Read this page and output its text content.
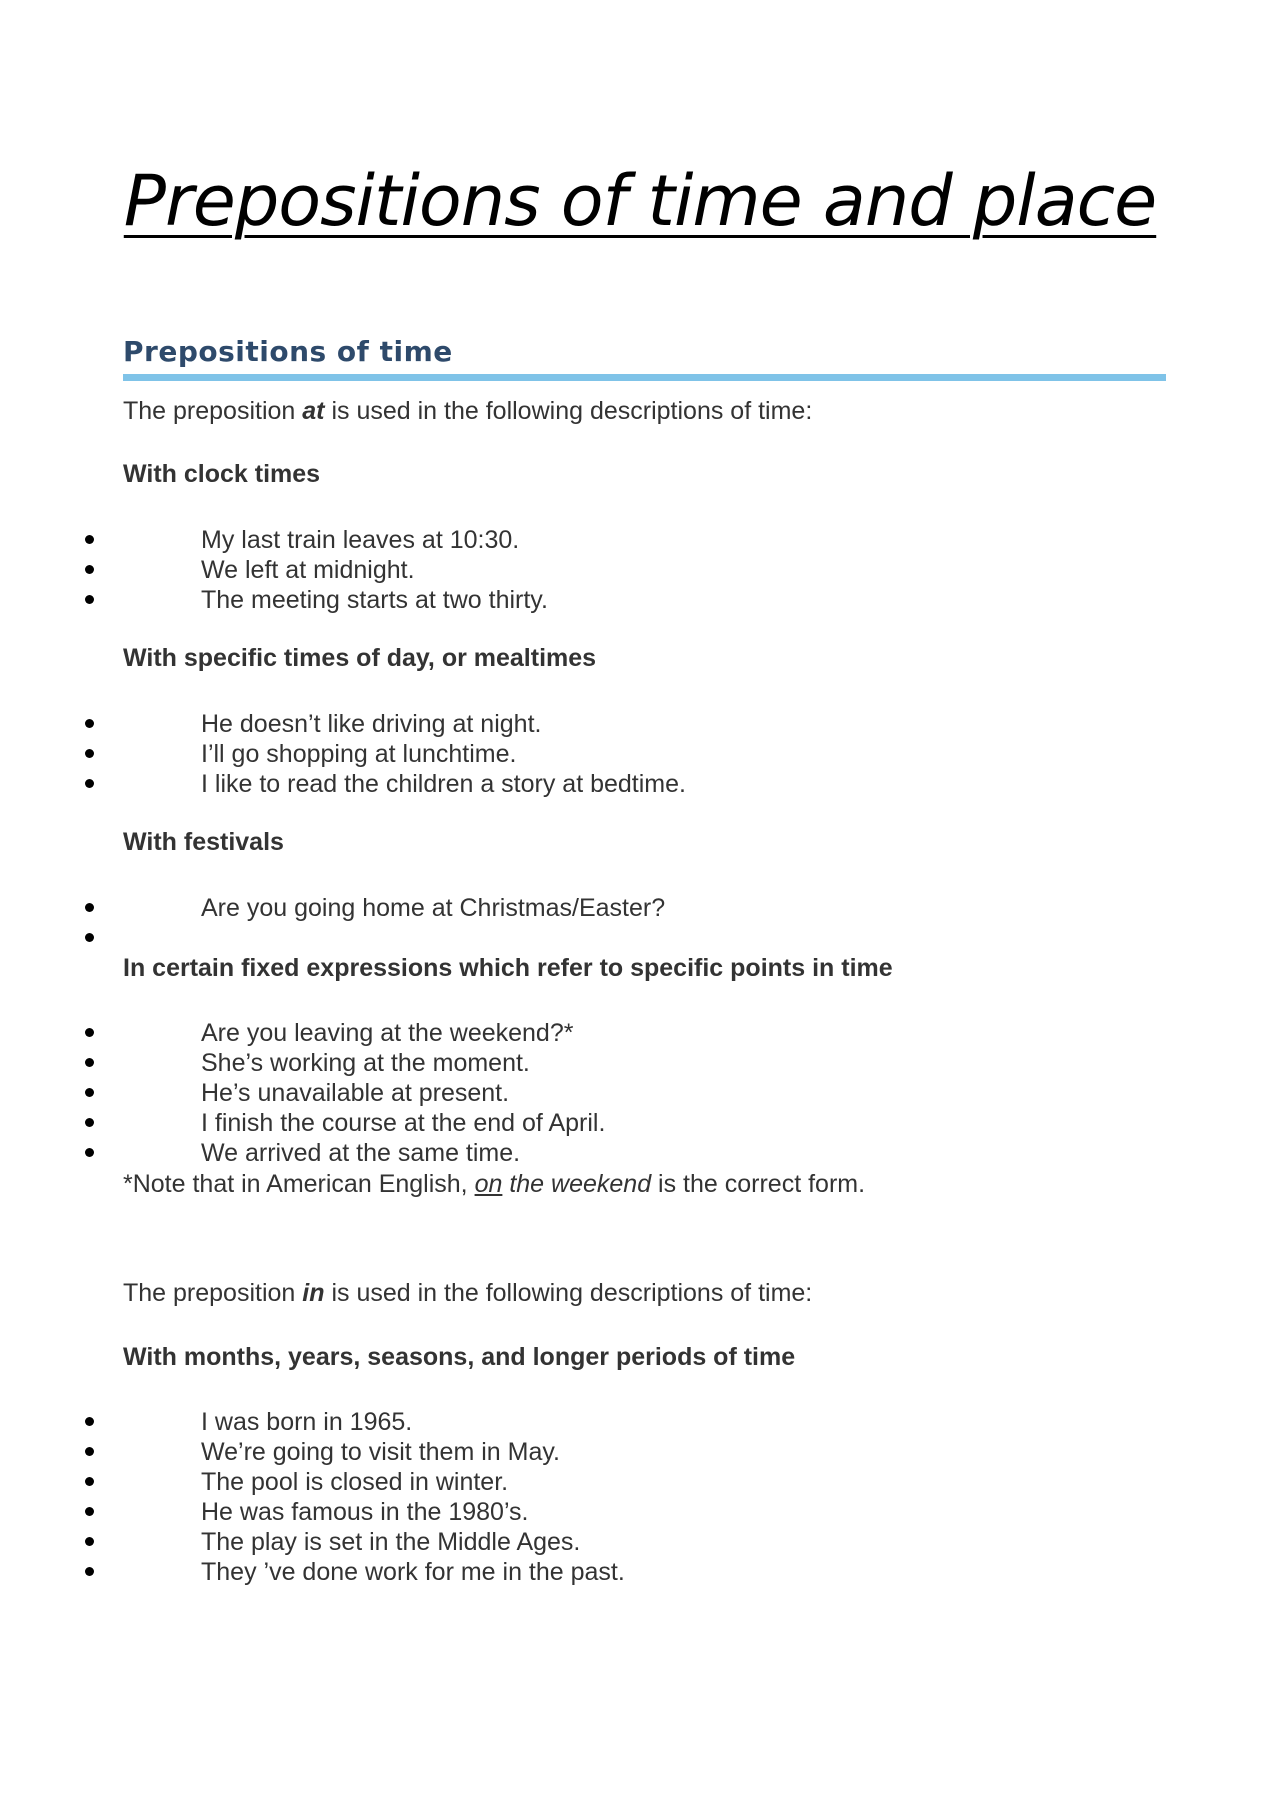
Prepositions of time and place
Prepositions of time

The preposition at is used in the following descriptions of time:

With clock times

My last train leaves at 10:30.
We left at midnight.
The meeting starts at two thirty.

With specific times of day, or mealtimes

He doesn’t like driving at night.
I’ll go shopping at lunchtime.
I like to read the children a story at bedtime.

With festivals

Are you going home at Christmas/Easter?

In certain fixed expressions which refer to specific points in time

Are you leaving at the weekend?*
She’s working at the moment.
He’s unavailable at present.
I finish the course at the end of April.
We arrived at the same time.

*Note that in American English, on the weekend is the correct form.

The preposition in is used in the following descriptions of time:

With months, years, seasons, and longer periods of time

I was born in 1965.
We’re going to visit them in May.
The pool is closed in winter.
He was famous in the 1980’s.
The play is set in the Middle Ages.
They ’ve done work for me in the past.
